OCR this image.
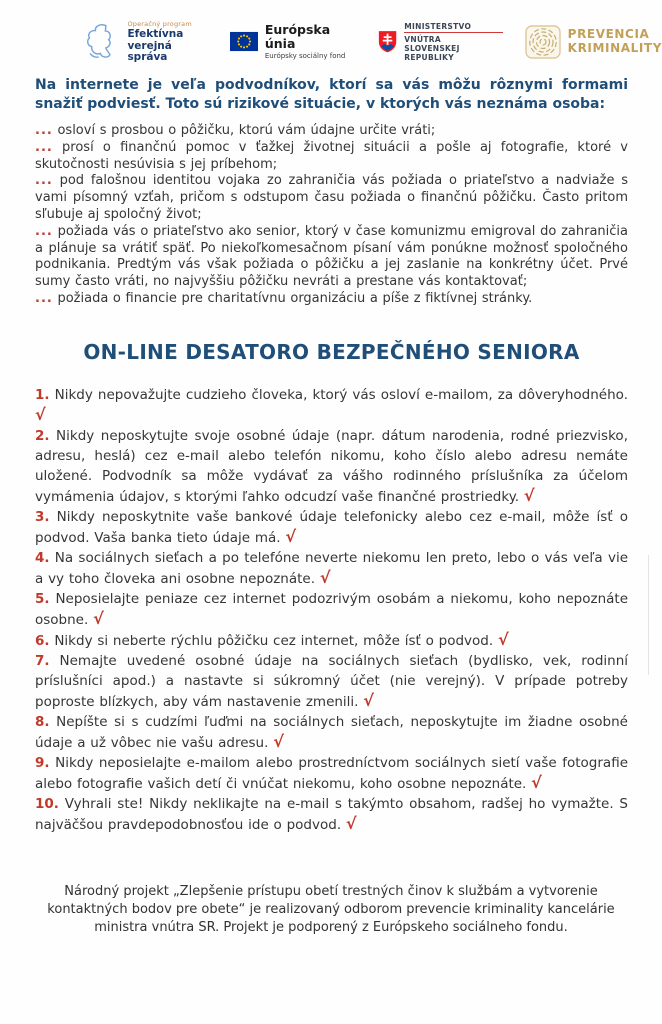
Operačný program
Efektívna
verejná správa
Európska únia
Európsky sociálny fond
MINISTERSTVO
VNÚTRA
SLOVENSKEJ REPUBLIKY
PREVENCIA
KRIMINALITY

Na internete je veľa podvodníkov, ktorí sa vás môžu rôznymi formami snažiť podviesť. Toto sú rizikové situácie, v ktorých vás neznáma osoba:

... osloví s prosbou o pôžičku, ktorú vám údajne určite vráti;

... prosí o finančnú pomoc v ťažkej životnej situácii a pošle aj fotografie, ktoré v skutočnosti nesúvisia s jej príbehom;

... pod falošnou identitou vojaka zo zahraničia vás požiada o priateľstvo a nadviaže s vami písomný vzťah, pričom s odstupom času požiada o finančnú pôžičku. Často pritom sľubuje aj spoločný život;

... požiada vás o priateľstvo ako senior, ktorý v čase komunizmu emigroval do zahraničia a plánuje sa vrátiť späť. Po niekoľkomesačnom písaní vám ponúkne možnosť spoločného podnikania. Predtým vás však požiada o pôžičku a jej zaslanie na konkrétny účet. Prvé sumy často vráti, no najvyššiu pôžičku nevráti a prestane vás kontaktovať;

... požiada o financie pre charitatívnu organizáciu a píše z fiktívnej stránky.

ON-LINE DESATORO BEZPEČNÉHO SENIORA

1. Nikdy nepovažujte cudzieho človeka, ktorý vás osloví e-mailom, za dôveryhodného. √

2. Nikdy neposkytujte svoje osobné údaje (napr. dátum narodenia, rodné priezvisko, adresu, heslá) cez e-mail alebo telefón nikomu, koho číslo alebo adresu nemáte uložené. Podvodník sa môže vydávať za vášho rodinného príslušníka za účelom vymámenia údajov, s ktorými ľahko odcudzí vaše finančné prostriedky. √

3. Nikdy neposkytnite vaše bankové údaje telefonicky alebo cez e-mail, môže ísť o podvod. Vaša banka tieto údaje má. √

4. Na sociálnych sieťach a po telefóne neverte niekomu len preto, lebo o vás veľa vie a vy toho človeka ani osobne nepoznáte. √

5. Neposielajte peniaze cez internet podozrivým osobám a niekomu, koho nepoznáte osobne. √

6. Nikdy si neberte rýchlu pôžičku cez internet, môže ísť o podvod. √

7. Nemajte uvedené osobné údaje na sociálnych sieťach (bydlisko, vek, rodinní príslušníci apod.) a nastavte si súkromný účet (nie verejný). V prípade potreby poproste blízkych, aby vám nastavenie zmenili. √

8. Nepíšte si s cudzími ľuďmi na sociálnych sieťach, neposkytujte im žiadne osobné údaje a už vôbec nie vašu adresu. √

9. Nikdy neposielajte e-mailom alebo prostredníctvom sociálnych sietí vaše fotografie alebo fotografie vašich detí či vnúčat niekomu, koho osobne nepoznáte. √

10. Vyhrali ste! Nikdy neklikajte na e-mail s takýmto obsahom, radšej ho vymažte. S najväčšou pravdepodobnosťou ide o podvod. √

Národný projekt „Zlepšenie prístupu obetí trestných činov k službám a vytvorenie kontaktných bodov pre obete“ je realizovaný odborom prevencie kriminality kancelárie ministra vnútra SR. Projekt je podporený z Európskeho sociálneho fondu.
